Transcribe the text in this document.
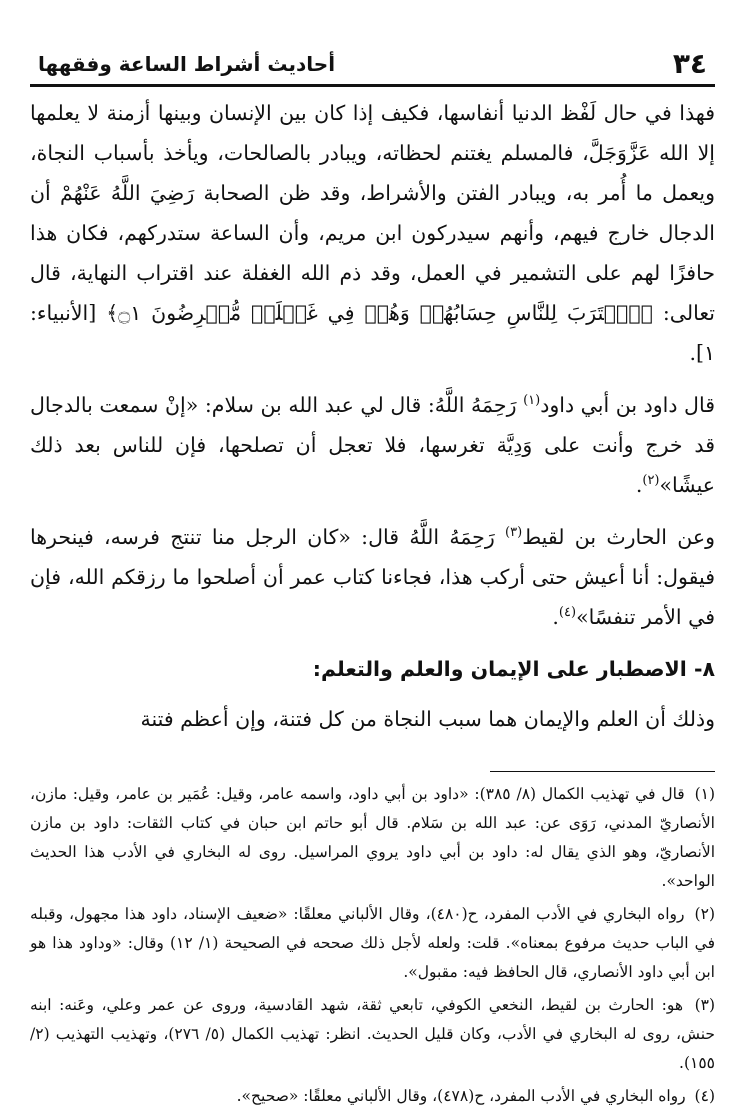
٣٤
أحاديث أشراط الساعة وفقهها

فهذا في حال لَفْظ الدنيا أنفاسها، فكيف إذا كان بين الإنسان وبينها أزمنة لا يعلمها إلا الله عَزَّوَجَلَّ، فالمسلم يغتنم لحظاته، ويبادر بالصالحات، ويأخذ بأسباب النجاة، ويعمل ما أُمر به، ويبادر الفتن والأشراط، وقد ظن الصحابة رَضِيَ اللَّهُ عَنْهُمْ أن الدجال خارج فيهم، وأنهم سيدركون ابن مريم، وأن الساعة ستدركهم، فكان هذا حافزًا لهم على التشمير في العمل، وقد ذم الله الغفلة عند اقتراب النهاية، قال تعالى: ﴿ٱقۡتَرَبَ لِلنَّاسِ حِسَابُهُمۡ وَهُمۡ فِي غَفۡلَةٖ مُّعۡرِضُونَ ۝١﴾ [الأنبياء: ١].

قال داود بن أبي داود$^{(١)}$ رَحِمَهُ اللَّهُ: قال لي عبد الله بن سلام: «إنْ سمعت بالدجال قد خرج وأنت على وَدِيَّة تغرسها، فلا تعجل أن تصلحها، فإن للناس بعد ذلك عيشًا»$^{(٢)}$.

وعن الحارث بن لقيط$^{(٣)}$ رَحِمَهُ اللَّهُ قال: «كان الرجل منا تنتج فرسه، فينحرها فيقول: أنا أعيش حتى أركب هذا، فجاءنا كتاب عمر أن أصلحوا ما رزقكم الله، فإن في الأمر تنفسًا»$^{(٤)}$.

٨- الاصطبار على الإيمان والعلم والتعلم:

وذلك أن العلم والإيمان هما سبب النجاة من كل فتنة، وإن أعظم فتنة

(١) قال في تهذيب الكمال (٨/ ٣٨٥): «داود بن أبي داود، واسمه عامر، وقيل: عُمَير بن عامر، وقيل: مازن، الأنصاريّ المدني، رَوَى عن: عبد الله بن سَلام. قال أبو حاتم ابن حبان في كتاب الثقات: داود بن مازن الأنصاريّ، وهو الذي يقال له: داود بن أبي داود يروي المراسيل. روى له البخاري في الأدب هذا الحديث الواحد».

(٢) رواه البخاري في الأدب المفرد، ح(٤٨٠)، وقال الألباني معلقًا: «ضعيف الإسناد، داود هذا مجهول، وقبله في الباب حديث مرفوع بمعناه». قلت: ولعله لأجل ذلك صححه في الصحيحة (١/ ١٢) وقال: «وداود هذا هو ابن أبي داود الأنصاري، قال الحافظ فيه: مقبول».

(٣) هو: الحارث بن لقيط، النخعي الكوفي، تابعي ثقة، شهد القادسية، وروى عن عمر وعلي، وعَنه: ابنه حنش، روى له البخاري في الأدب، وكان قليل الحديث. انظر: تهذيب الكمال (٥/ ٢٧٦)، وتهذيب التهذيب (٢/ ١٥٥).

(٤) رواه البخاري في الأدب المفرد، ح(٤٧٨)، وقال الألباني معلقًا: «صحيح».
